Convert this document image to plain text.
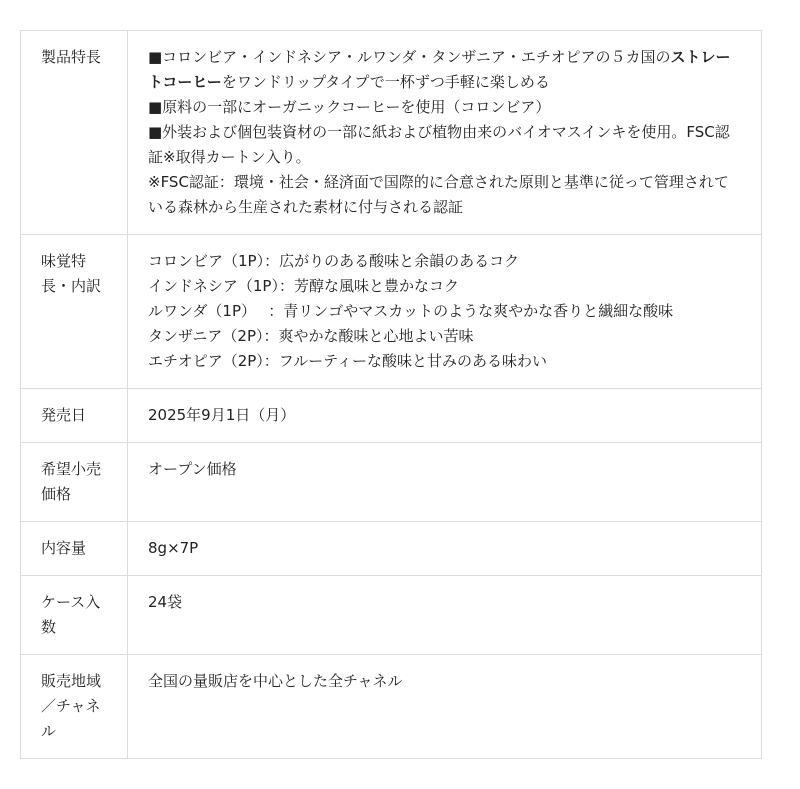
製品特長	■コロンビア・インドネシア・ルワンダ・タンザニア・エチオピアの５カ国のストレートコーヒーをワンドリップタイプで一杯ずつ手軽に楽しめる
■原料の一部にオーガニックコーヒーを使用（コロンビア）
■外装および個包装資材の一部に紙および植物由来のバイオマスインキを使用。FSC認証※取得カートン入り。
※FSC認証：環境・社会・経済面で国際的に合意された原則と基準に従って管理されている森林から生産された素材に付与される認証

味覚特長・内訳	コロンビア（1P）：広がりのある酸味と余韻のあるコク
インドネシア（1P）：芳醇な風味と豊かなコク
ルワンダ（1P）　 ：青リンゴやマスカットのような爽やかな香りと繊細な酸味
タンザニア（2P）：爽やかな酸味と心地よい苦味
エチオピア（2P）：フルーティーな酸味と甘みのある味わい

発売日	2025年9月1日（月）
希望小売価格	オープン価格
内容量	8g×7P
ケース入数	24袋
販売地域／チャネル	全国の量販店を中心とした全チャネル
